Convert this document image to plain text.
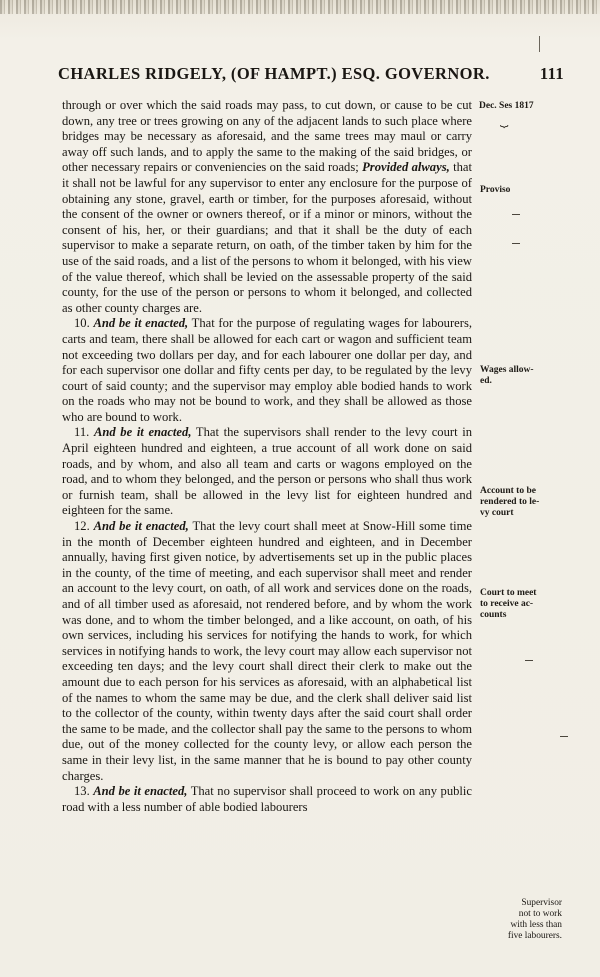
CHARLES RIDGELY, (OF HAMPT.) ESQ. GOVERNOR.	111

through or over which the said roads may pass, to cut down, or cause to be cut down, any tree or trees growing on any of the adjacent lands to such place where bridges may be necessary as aforesaid, and the same trees may maul or carry away off such lands, and to apply the same to the making of the said bridges, or other necessary repairs or conveniencies on the said roads; Provided always, that it shall not be lawful for any supervisor to enter any enclosure for the purpose of obtaining any stone, gravel, earth or timber, for the purposes aforesaid, without the consent of the owner or owners thereof, or if a minor or minors, without the consent of his, her, or their guardians; and that it shall be the duty of each supervisor to make a separate return, on oath, of the timber taken by him for the use of the said roads, and a list of the persons to whom it belonged, with his view of the value thereof, which shall be levied on the assessable property of the said county, for the use of the person or persons to whom it belonged, and collected as other county charges are.

10. And be it enacted, That for the purpose of regulating wages for labourers, carts and team, there shall be allowed for each cart or wagon and sufficient team not exceeding two dollars per day, and for each labourer one dollar per day, and for each supervisor one dollar and fifty cents per day, to be regulated by the levy court of said county; and the supervisor may employ able bodied hands to work on the roads who may not be bound to work, and they shall be allowed as those who are bound to work.

11. And be it enacted, That the supervisors shall render to the levy court in April eighteen hundred and eighteen, a true account of all work done on said roads, and by whom, and also all team and carts or wagons employed on the road, and to whom they belonged, and the person or persons who shall thus work or furnish team, shall be allowed in the levy list for eighteen hundred and eighteen for the same.

12. And be it enacted, That the levy court shall meet at Snow-Hill some time in the month of December eighteen hundred and eighteen, and in December annually, having first given notice, by advertisements set up in the public places in the county, of the time of meeting, and each supervisor shall meet and render an account to the levy court, on oath, of all work and services done on the roads, and of all timber used as aforesaid, not rendered before, and by whom the work was done, and to whom the timber belonged, and a like account, on oath, of his own services, including his services for notifying the hands to work, for which services in notifying hands to work, the levy court may allow each supervisor not exceeding ten days; and the levy court shall direct their clerk to make out the amount due to each person for his services as aforesaid, with an alphabetical list of the names to whom the same may be due, and the clerk shall deliver said list to the collector of the county, within twenty days after the said court shall order the same to be made, and the collector shall pay the same to the persons to whom due, out of the money collected for the county levy, or allow each person the same in their levy list, in the same manner that he is bound to pay other county charges.

13. And be it enacted, That no supervisor shall proceed to work on any public road with a less number of able bodied labourers

Dec. Ses 1817
⏟
Proviso
Wages allow-
ed.
Account to be
rendered to le-
vy court
Court to meet
to receive ac-
counts
Supervisor
not to work
with less than
five labourers.
